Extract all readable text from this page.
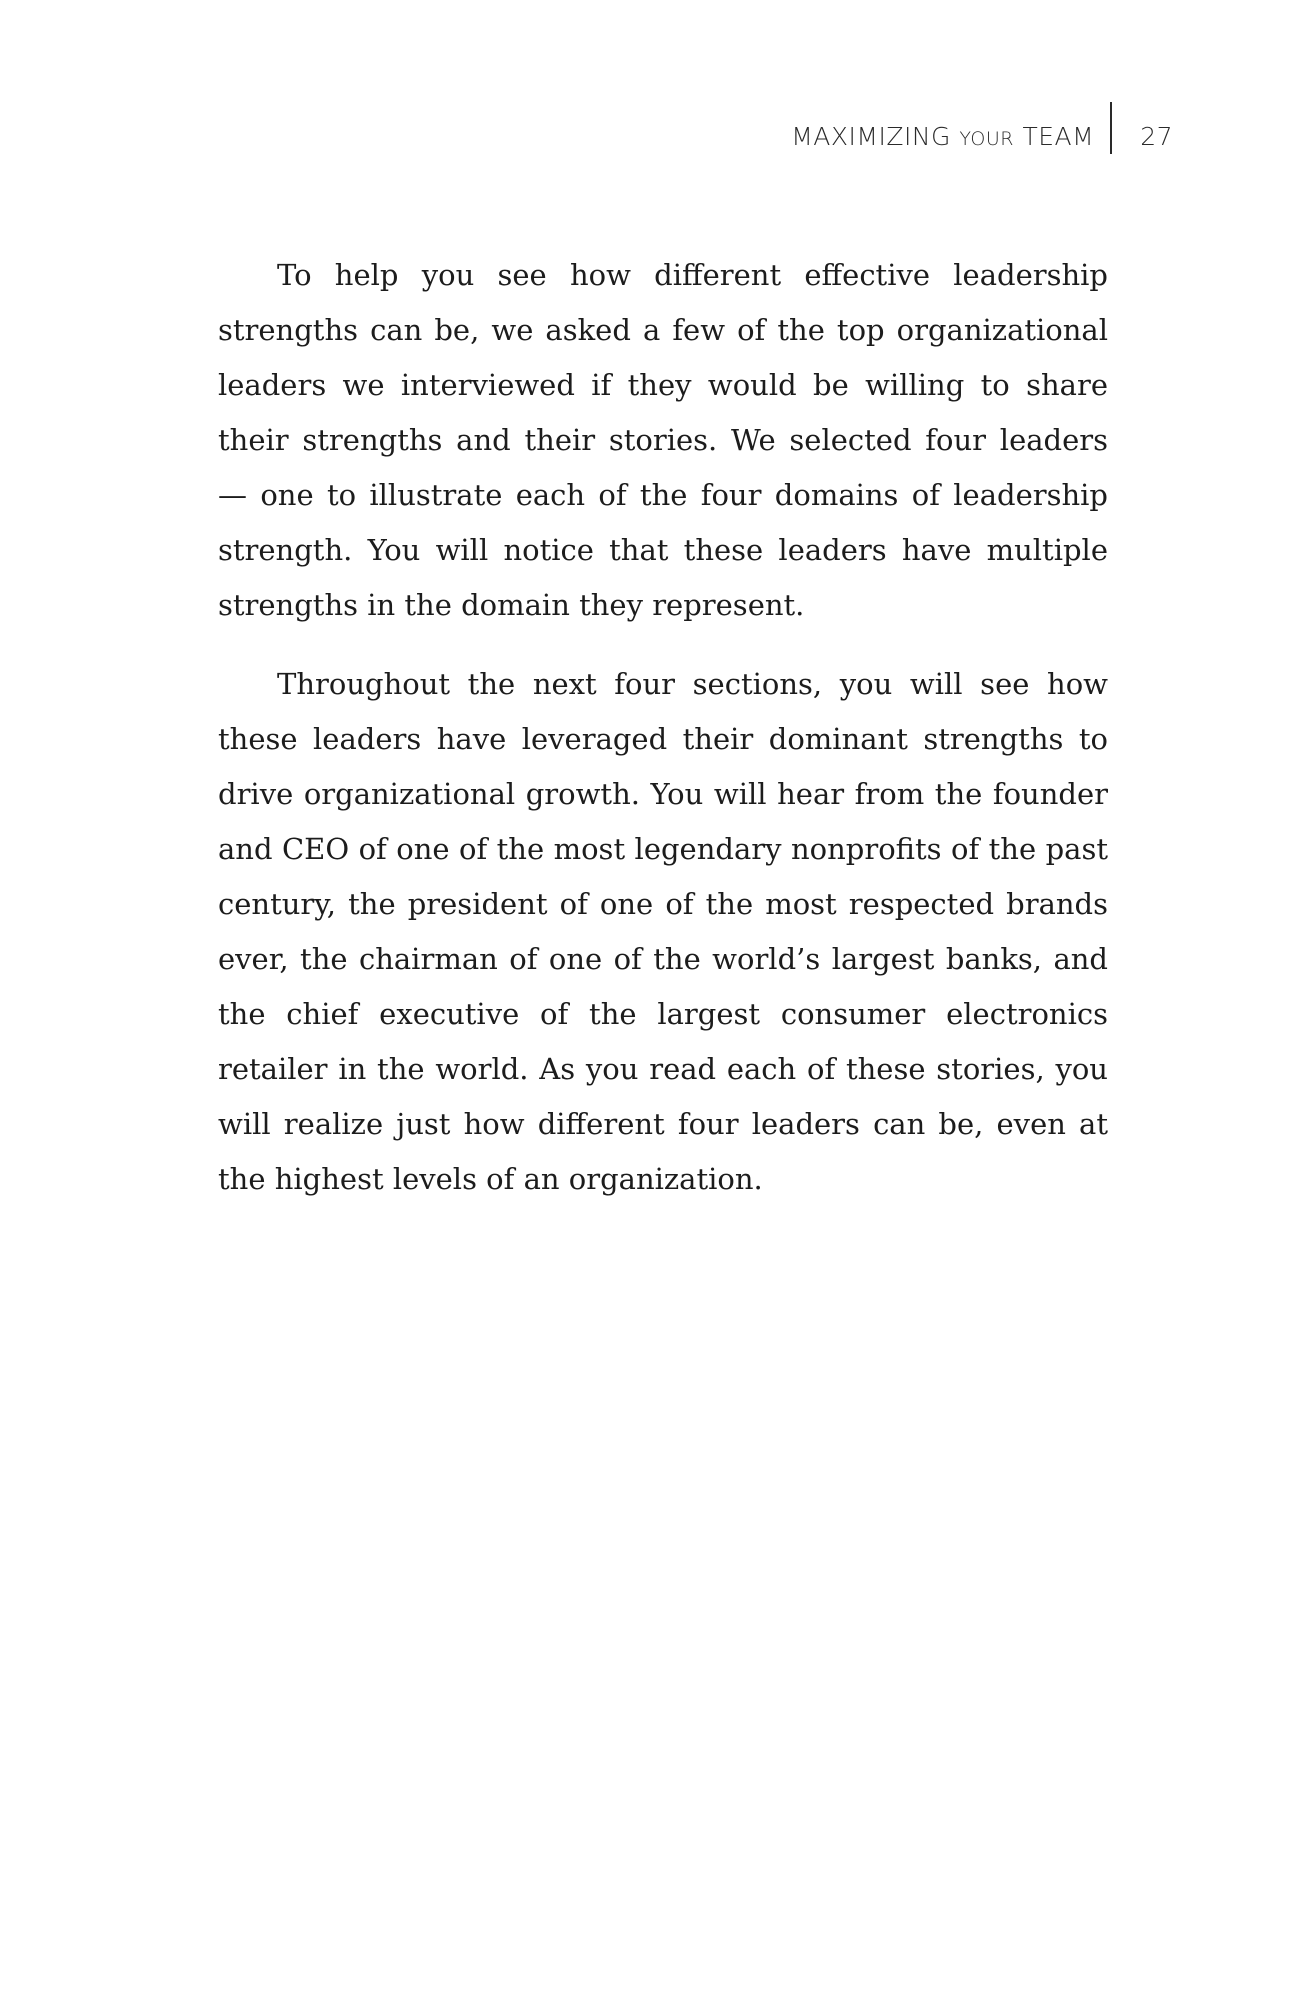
MAXIMIZING YOUR TEAM 27

To help you see how different effective leadership strengths can be, we asked a few of the top organizational leaders we interviewed if they would be willing to share their strengths and their stories. We selected four leaders — one to illustrate each of the four domains of leadership strength. You will notice that these leaders have multiple strengths in the domain they represent.

Throughout the next four sections, you will see how these leaders have leveraged their dominant strengths to drive organizational growth. You will hear from the founder and CEO of one of the most legendary nonprofits of the past century, the president of one of the most respected brands ever, the chairman of one of the world’s largest banks, and the chief executive of the largest consumer electronics retailer in the world. As you read each of these stories, you will realize just how different four leaders can be, even at the highest levels of an organization.
